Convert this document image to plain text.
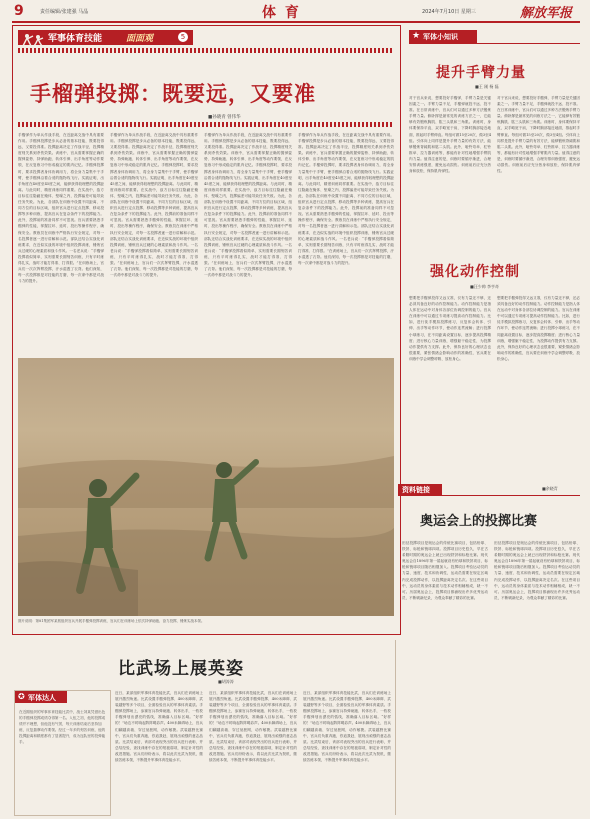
9	责任编辑/张建强 马晶	体 育	2024年7月10日 星期三	解放军报
军事体育技能	面面观	5
手榴弹投掷：既要远，又要准
■孙晓青 曾伟华
手榴弹作为单兵作战手段，在近距离交战中具有重要作用。手榴弹投掷是步兵必备的基本技能，既要投得远，又要投得准。投掷距离决定了作战半径，投掷精度则关系到杀伤效果。训练中，官兵需要掌握正确的握弹姿势、持弹助跑、转体引伸、出手角度等动作要领，在反复练习中形成稳定的肌肉记忆。手榴弹投掷时，要求投掷者身体协调用力，将全身力量集中于手臂，使手榴弹沿着合适的抛物线飞行。实践证明，出手角度在40度至45度之间，能够获得较理想的投掷距离。与此同时，精度训练同样重要。在实战中，敌方目标往往隐蔽在掩体、堑壕之内，投掷偏差可能导致任务失败。为此，各部队在训练中设置不同距离、不同方位的目标区域，组织官兵进行定点投掷、移动投掷等多种训练，提高官兵在复杂条件下的投掷能力。此外，投掷前的准备同样不可忽视。官兵需要熟悉手榴弹的性能，掌握拉环、延时、投出等操作程序，确保安全。教练员在训练中严格执行安全规定，对每一名投掷者逐一进行讲解和示范。部队还结合实战化训练要求，在近似实战的环境中组织投掷训练，锤炼官兵过硬的心理素质和战斗作风。一名老兵说：“手榴弹投掷看似简单，实则需要长期刻苦训练，只有平时练得扎实，战时才能打得准、打得狠。”在训练场上，官兵们一次次挥臂投掷，汗水湿透了衣背。他们深知，每一次投掷都是对技能的打磨，每一次命中都是对战斗力的提升。
手榴弹作为单兵作战手段，在近距离交战中具有重要作用。手榴弹投掷是步兵必备的基本技能，既要投得远，又要投得准。投掷距离决定了作战半径，投掷精度则关系到杀伤效果。训练中，官兵需要掌握正确的握弹姿势、持弹助跑、转体引伸、出手角度等动作要领，在反复练习中形成稳定的肌肉记忆。手榴弹投掷时，要求投掷者身体协调用力，将全身力量集中于手臂，使手榴弹沿着合适的抛物线飞行。实践证明，出手角度在40度至45度之间，能够获得较理想的投掷距离。与此同时，精度训练同样重要。在实战中，敌方目标往往隐蔽在掩体、堑壕之内，投掷偏差可能导致任务失败。为此，各部队在训练中设置不同距离、不同方位的目标区域，组织官兵进行定点投掷、移动投掷等多种训练，提高官兵在复杂条件下的投掷能力。此外，投掷前的准备同样不可忽视。官兵需要熟悉手榴弹的性能，掌握拉环、延时、投出等操作程序，确保安全。教练员在训练中严格执行安全规定，对每一名投掷者逐一进行讲解和示范。部队还结合实战化训练要求，在近似实战的环境中组织投掷训练，锤炼官兵过硬的心理素质和战斗作风。一名老兵说：“手榴弹投掷看似简单，实则需要长期刻苦训练，只有平时练得扎实，战时才能打得准、打得狠。”在训练场上，官兵们一次次挥臂投掷，汗水湿透了衣背。他们深知，每一次投掷都是对技能的打磨，每一次命中都是对战斗力的提升。
手榴弹作为单兵作战手段，在近距离交战中具有重要作用。手榴弹投掷是步兵必备的基本技能，既要投得远，又要投得准。投掷距离决定了作战半径，投掷精度则关系到杀伤效果。训练中，官兵需要掌握正确的握弹姿势、持弹助跑、转体引伸、出手角度等动作要领，在反复练习中形成稳定的肌肉记忆。手榴弹投掷时，要求投掷者身体协调用力，将全身力量集中于手臂，使手榴弹沿着合适的抛物线飞行。实践证明，出手角度在40度至45度之间，能够获得较理想的投掷距离。与此同时，精度训练同样重要。在实战中，敌方目标往往隐蔽在掩体、堑壕之内，投掷偏差可能导致任务失败。为此，各部队在训练中设置不同距离、不同方位的目标区域，组织官兵进行定点投掷、移动投掷等多种训练，提高官兵在复杂条件下的投掷能力。此外，投掷前的准备同样不可忽视。官兵需要熟悉手榴弹的性能，掌握拉环、延时、投出等操作程序，确保安全。教练员在训练中严格执行安全规定，对每一名投掷者逐一进行讲解和示范。部队还结合实战化训练要求，在近似实战的环境中组织投掷训练，锤炼官兵过硬的心理素质和战斗作风。一名老兵说：“手榴弹投掷看似简单，实则需要长期刻苦训练，只有平时练得扎实，战时才能打得准、打得狠。”在训练场上，官兵们一次次挥臂投掷，汗水湿透了衣背。他们深知，每一次投掷都是对技能的打磨，每一次命中都是对战斗力的提升。
手榴弹作为单兵作战手段，在近距离交战中具有重要作用。手榴弹投掷是步兵必备的基本技能，既要投得远，又要投得准。投掷距离决定了作战半径，投掷精度则关系到杀伤效果。训练中，官兵需要掌握正确的握弹姿势、持弹助跑、转体引伸、出手角度等动作要领，在反复练习中形成稳定的肌肉记忆。手榴弹投掷时，要求投掷者身体协调用力，将全身力量集中于手臂，使手榴弹沿着合适的抛物线飞行。实践证明，出手角度在40度至45度之间，能够获得较理想的投掷距离。与此同时，精度训练同样重要。在实战中，敌方目标往往隐蔽在掩体、堑壕之内，投掷偏差可能导致任务失败。为此，各部队在训练中设置不同距离、不同方位的目标区域，组织官兵进行定点投掷、移动投掷等多种训练，提高官兵在复杂条件下的投掷能力。此外，投掷前的准备同样不可忽视。官兵需要熟悉手榴弹的性能，掌握拉环、延时、投出等操作程序，确保安全。教练员在训练中严格执行安全规定，对每一名投掷者逐一进行讲解和示范。部队还结合实战化训练要求，在近似实战的环境中组织投掷训练，锤炼官兵过硬的心理素质和战斗作风。一名老兵说：“手榴弹投掷看似简单，实则需要长期刻苦训练，只有平时练得扎实，战时才能打得准、打得狠。”在训练场上，官兵们一次次挥臂投掷，汗水湿透了衣背。他们深知，每一次投掷都是对技能的打磨，每一次命中都是对战斗力的提升。
图片说明：第81集团军某旅组织官兵开展手榴弹投掷训练，官兵们在训练场上依次持弹助跑、奋力投掷，锤炼实战本领。
★ 军体小知识
提升手臂力量
■王 刚 杨 磊
对于官兵来说，想要投好手榴弹，手臂力量是关键因素之一。手臂力量不足，手榴弹就投不远、投不准。在日常训练中，官兵们可以通过多种方法锻炼手臂力量。俯卧撑是最常见的训练方法之一，它能够有效锻炼胸肌、肱三头肌和三角肌。训练时，身体要保持平直，双手略宽于肩，下降时胸部接近地面，推起时手臂伸直。每组可做15至20次，做3至4组。引体向上同样是提升手臂力量的有效方法，能够锻炼背阔肌和肱二头肌。此外，哑铃弯举、杠铃推举、拉力器训练等，都能有针对性地增强手臂肌肉力量。值得注意的是，训练时要循序渐进，合理安排训练强度，避免运动损伤。训练前后应充分热身和放松，保持肌肉弹性。
对于官兵来说，想要投好手榴弹，手臂力量是关键因素之一。手臂力量不足，手榴弹就投不远、投不准。在日常训练中，官兵们可以通过多种方法锻炼手臂力量。俯卧撑是最常见的训练方法之一，它能够有效锻炼胸肌、肱三头肌和三角肌。训练时，身体要保持平直，双手略宽于肩，下降时胸部接近地面，推起时手臂伸直。每组可做15至20次，做3至4组。引体向上同样是提升手臂力量的有效方法，能够锻炼背阔肌和肱二头肌。此外，哑铃弯举、杠铃推举、拉力器训练等，都能有针对性地增强手臂肌肉力量。值得注意的是，训练时要循序渐进，合理安排训练强度，避免运动损伤。训练前后应充分热身和放松，保持肌肉弹性。
强化动作控制
■汪少帅 李亨奇
想要把手榴弹投得又远又准，仅有力量还不够，还必须具备良好的动作控制能力。动作控制能力是指人体在运动中对身体各部位协调控制的能力。官兵在训练中可以通过专项练习提高动作控制能力。比如，进行徒手模拟投掷练习，反复体会转体、引伸、出手等动作环节，使动作连贯流畅；进行投掷小球练习，在不同距离设置目标，逐步提高投掷精度；进行核心力量训练，增强躯干稳定性，为投掷动作提供有力支撑。此外，保持良好的心理状态也很重要，紧张情绪会影响动作的准确性，官兵要在训练中学会调整呼吸、放松身心。
想要把手榴弹投得又远又准，仅有力量还不够，还必须具备良好的动作控制能力。动作控制能力是指人体在运动中对身体各部位协调控制的能力。官兵在训练中可以通过专项练习提高动作控制能力。比如，进行徒手模拟投掷练习，反复体会转体、引伸、出手等动作环节，使动作连贯流畅；进行投掷小球练习，在不同距离设置目标，逐步提高投掷精度；进行核心力量训练，增强躯干稳定性，为投掷动作提供有力支撑。此外，保持良好的心理状态也很重要，紧张情绪会影响动作的准确性，官兵要在训练中学会调整呼吸、放松身心。
资料链接	■余晓青
奥运会上的投掷比赛
田径投掷项目是奥运会的传统比赛项目，包括铅球、铁饼、标枪和链球四项。投掷项目历史悠久，早在古希腊时期的奥运会上就已出现铁饼和标枪比赛。现代奥运会自1896年第一届起就设有铅球和铁饼项目，标枪和链球项目随后相继加入。投掷项目考验运动员的力量、速度、技术和协调性，运动员需要在规定区域内完成投掷动作，以投掷距离决定名次。在这些项目中，运动员的身体素质与技术动作相辅相成，缺一不可。历届奥运会上，投掷项目都涌现出许多优秀运动员，不断刷新纪录，为观众奉献了精彩的比赛。
田径投掷项目是奥运会的传统比赛项目，包括铅球、铁饼、标枪和链球四项。投掷项目历史悠久，早在古希腊时期的奥运会上就已出现铁饼和标枪比赛。现代奥运会自1896年第一届起就设有铅球和铁饼项目，标枪和链球项目随后相继加入。投掷项目考验运动员的力量、速度、技术和协调性，运动员需要在规定区域内完成投掷动作，以投掷距离决定名次。在这些项目中，运动员的身体素质与技术动作相辅相成，缺一不可。历届奥运会上，投掷项目都涌现出许多优秀运动员，不断刷新纪录，为观众奉献了精彩的比赛。
比武场上展英姿
■胡涛涛
✪ 军体达人
在近期组织的军事体育技能比武中，战士刘某凭借出色的手榴弹投掷成绩夺得第一名。入伍之初，他的投掷成绩并不理想，但他没有气馁，每天训练结束后坚持加练，反复揣摩动作要领。经过一年多的刻苦训练，他的投掷距离和精度都有了显著提升，成为连队里的投弹能手。
近日，某部组织军事体育技能比武，官兵们在训练场上展开激烈角逐。比武设置手榴弹投掷、400米障碍、武装越野等多个项目，全面检验官兵的军事体育素质。手榴弹投掷场上，参赛官兵持弹助跑、转体出手，一枚枚手榴弹划出漂亮的弧线，准确落入目标区域。“好样的！”场边不时响起阵阵喝彩声。400米障碍场上，官兵们翻越高墙、穿过低桩网，动作敏捷。武装越野比赛中，官兵们负重奔跑，你追我赶，展现出顽强的意志品质。比武结束后，该部对表现突出的官兵进行表彰，并总结经验，查找训练中存在的短板弱项，制定针对性的改进措施。官兵们纷纷表示，将以此次比武为契机，继续苦练本领，不断提升军事体育技能水平。
近日，某部组织军事体育技能比武，官兵们在训练场上展开激烈角逐。比武设置手榴弹投掷、400米障碍、武装越野等多个项目，全面检验官兵的军事体育素质。手榴弹投掷场上，参赛官兵持弹助跑、转体出手，一枚枚手榴弹划出漂亮的弧线，准确落入目标区域。“好样的！”场边不时响起阵阵喝彩声。400米障碍场上，官兵们翻越高墙、穿过低桩网，动作敏捷。武装越野比赛中，官兵们负重奔跑，你追我赶，展现出顽强的意志品质。比武结束后，该部对表现突出的官兵进行表彰，并总结经验，查找训练中存在的短板弱项，制定针对性的改进措施。官兵们纷纷表示，将以此次比武为契机，继续苦练本领，不断提升军事体育技能水平。
近日，某部组织军事体育技能比武，官兵们在训练场上展开激烈角逐。比武设置手榴弹投掷、400米障碍、武装越野等多个项目，全面检验官兵的军事体育素质。手榴弹投掷场上，参赛官兵持弹助跑、转体出手，一枚枚手榴弹划出漂亮的弧线，准确落入目标区域。“好样的！”场边不时响起阵阵喝彩声。400米障碍场上，官兵们翻越高墙、穿过低桩网，动作敏捷。武装越野比赛中，官兵们负重奔跑，你追我赶，展现出顽强的意志品质。比武结束后，该部对表现突出的官兵进行表彰，并总结经验，查找训练中存在的短板弱项，制定针对性的改进措施。官兵们纷纷表示，将以此次比武为契机，继续苦练本领，不断提升军事体育技能水平。
